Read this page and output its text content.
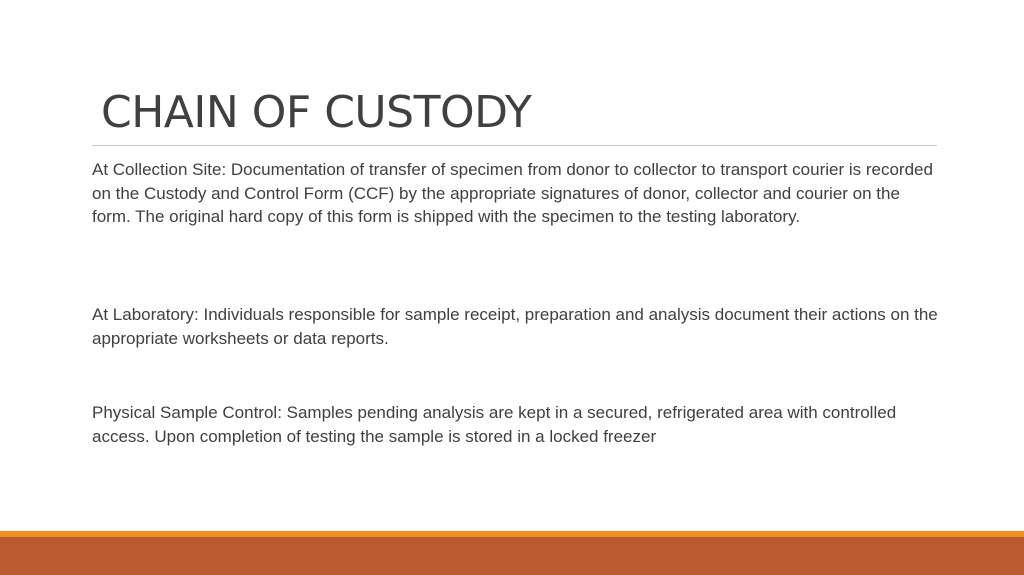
CHAIN OF CUSTODY

At Collection Site: Documentation of transfer of specimen from donor to collector to transport courier is recorded on the Custody and Control Form (CCF) by the appropriate signatures of donor, collector and courier on the form. The original hard copy of this form is shipped with the specimen to the testing laboratory.

At Laboratory: Individuals responsible for sample receipt, preparation and analysis document their actions on the appropriate worksheets or data reports.

Physical Sample Control: Samples pending analysis are kept in a secured, refrigerated area with controlled access. Upon completion of testing the sample is stored in a locked freezer
